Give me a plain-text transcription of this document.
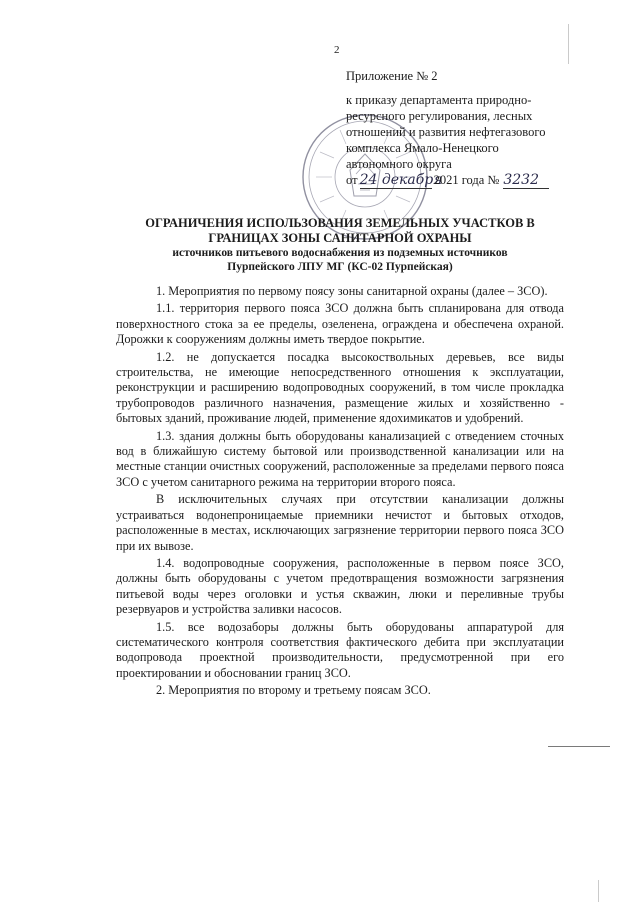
2
Приложение № 2
к приказу департамента природно-
ресурсного регулирования, лесных
отношений и развития нефтегазового
комплекса Ямало-Ненецкого
автономного округа
от 24 декабря
2021 года № 3232
ОГРАНИЧЕНИЯ ИСПОЛЬЗОВАНИЯ ЗЕМЕЛЬНЫХ УЧАСТКОВ В
ГРАНИЦАХ ЗОНЫ САНИТАРНОЙ ОХРАНЫ
источников питьевого водоснабжения из подземных источников
Пурпейского ЛПУ МГ (КС-02 Пурпейская)

1. Мероприятия по первому поясу зоны санитарной охраны (далее – ЗСО).

1.1. территория первого пояса ЗСО должна быть спланирована для отвода поверхностного стока за ее пределы, озеленена, ограждена и обеспечена охраной. Дорожки к сооружениям должны иметь твердое покрытие.

1.2. не допускается посадка высокоствольных деревьев, все виды строительства, не имеющие непосредственного отношения к эксплуатации, реконструкции и расширению водопроводных сооружений, в том числе прокладка трубопроводов различного назначения, размещение жилых и хозяйственно - бытовых зданий, проживание людей, применение ядохимикатов и удобрений.

1.3. здания должны быть оборудованы канализацией с отведением сточных вод в ближайшую систему бытовой или производственной канализации или на местные станции очистных сооружений, расположенные за пределами первого пояса ЗСО с учетом санитарного режима на территории второго пояса.

В исключительных случаях при отсутствии канализации должны устраиваться водонепроницаемые приемники нечистот и бытовых отходов, расположенные в местах, исключающих загрязнение территории первого пояса ЗСО при их вывозе.

1.4. водопроводные сооружения, расположенные в первом поясе ЗСО, должны быть оборудованы с учетом предотвращения возможности загрязнения питьевой воды через оголовки и устья скважин, люки и переливные трубы резервуаров и устройства заливки насосов.

1.5. все водозаборы должны быть оборудованы аппаратурой для систематического контроля соответствия фактического дебита при эксплуатации водопровода проектной производительности, предусмотренной при его проектировании и обосновании границ ЗСО.

2. Мероприятия по второму и третьему поясам ЗСО.
